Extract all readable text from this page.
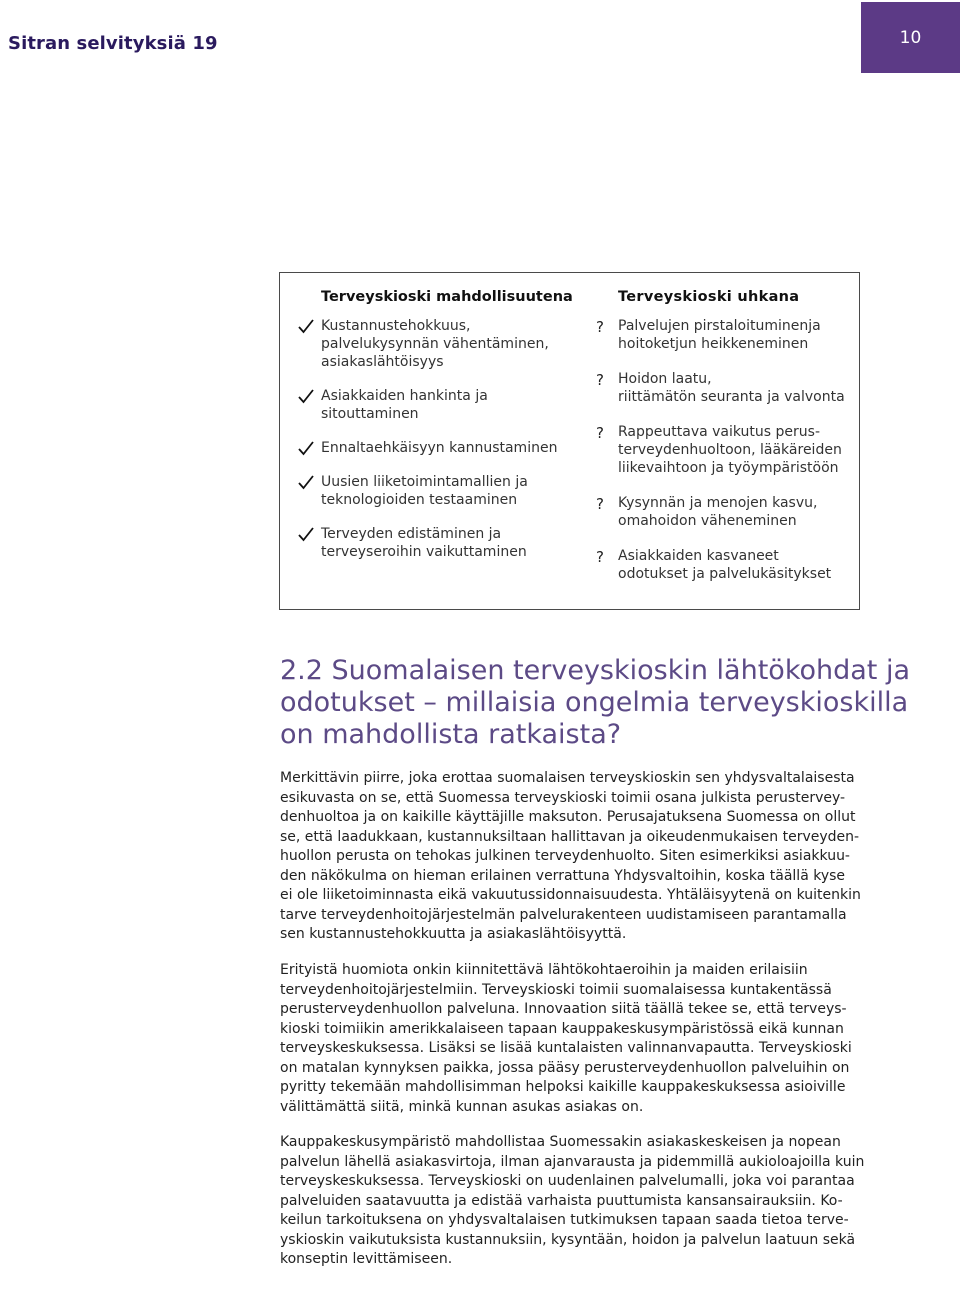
Sitran selvityksiä 19	10
Terveyskioski mahdollisuutena
Kustannustehokkuus,
palvelukysynnän vähentäminen,
asiakaslähtöisyys
Asiakkaiden hankinta ja
sitouttaminen
Ennaltaehkäisyyn kannustaminen
Uusien liiketoimintamallien ja
teknologioiden testaaminen
Terveyden edistäminen ja
terveyseroihin vaikuttaminen
Terveyskioski uhkana
? Palvelujen pirstaloituminenja
hoitoketjun heikkeneminen
? Hoidon laatu,
riittämätön seuranta ja valvonta
? Rappeuttava vaikutus perus-
terveydenhuoltoon, lääkäreiden
liikevaihtoon ja työympäristöön
? Kysynnän ja menojen kasvu,
omahoidon väheneminen
? Asiakkaiden kasvaneet
odotukset ja palvelukäsitykset
2.2 Suomalaisen terveyskioskin lähtökohdat ja
odotukset – millaisia ongelmia terveyskioskilla
on mahdollista ratkaista?

Merkittävin piirre, joka erottaa suomalaisen terveyskioskin sen yhdysvaltalaisesta
esikuvasta on se, että Suomessa terveyskioski toimii osana julkista perustervey-
denhuoltoa ja on kaikille käyttäjille maksuton. Perusajatuksena Suomessa on ollut
se, että laadukkaan, kustannuksiltaan hallittavan ja oikeudenmukaisen terveyden-
huollon perusta on tehokas julkinen terveydenhuolto. Siten esimerkiksi asiakkuu-
den näkökulma on hieman erilainen verrattuna Yhdysvaltoihin, koska täällä kyse
ei ole liiketoiminnasta eikä vakuutussidonnaisuudesta. Yhtäläisyytenä on kuitenkin
tarve terveydenhoitojärjestelmän palvelurakenteen uudistamiseen parantamalla
sen kustannustehokkuutta ja asiakaslähtöisyyttä.

Erityistä huomiota onkin kiinnitettävä lähtökohtaeroihin ja maiden erilaisiin
terveydenhoitojärjestelmiin. Terveyskioski toimii suomalaisessa kuntakentässä
perusterveydenhuollon palveluna. Innovaation siitä täällä tekee se, että terveys-
kioski toimiikin amerikkalaiseen tapaan kauppakeskusympäristössä eikä kunnan
terveyskeskuksessa. Lisäksi se lisää kuntalaisten valinnanvapautta. Terveyskioski
on matalan kynnyksen paikka, jossa pääsy perusterveydenhuollon palveluihin on
pyritty tekemään mahdollisimman helpoksi kaikille kauppakeskuksessa asioiville
välittämättä siitä, minkä kunnan asukas asiakas on.

Kauppakeskusympäristö mahdollistaa Suomessakin asiakaskeskeisen ja nopean
palvelun lähellä asiakasvirtoja, ilman ajanvarausta ja pidemmillä aukioloajoilla kuin
terveyskeskuksessa. Terveyskioski on uudenlainen palvelumalli, joka voi parantaa
palveluiden saatavuutta ja edistää varhaista puuttumista kansansairauksiin. Ko-
keilun tarkoituksena on yhdysvaltalaisen tutkimuksen tapaan saada tietoa terve-
yskioskin vaikutuksista kustannuksiin, kysyntään, hoidon ja palvelun laatuun sekä
konseptin levittämiseen.
